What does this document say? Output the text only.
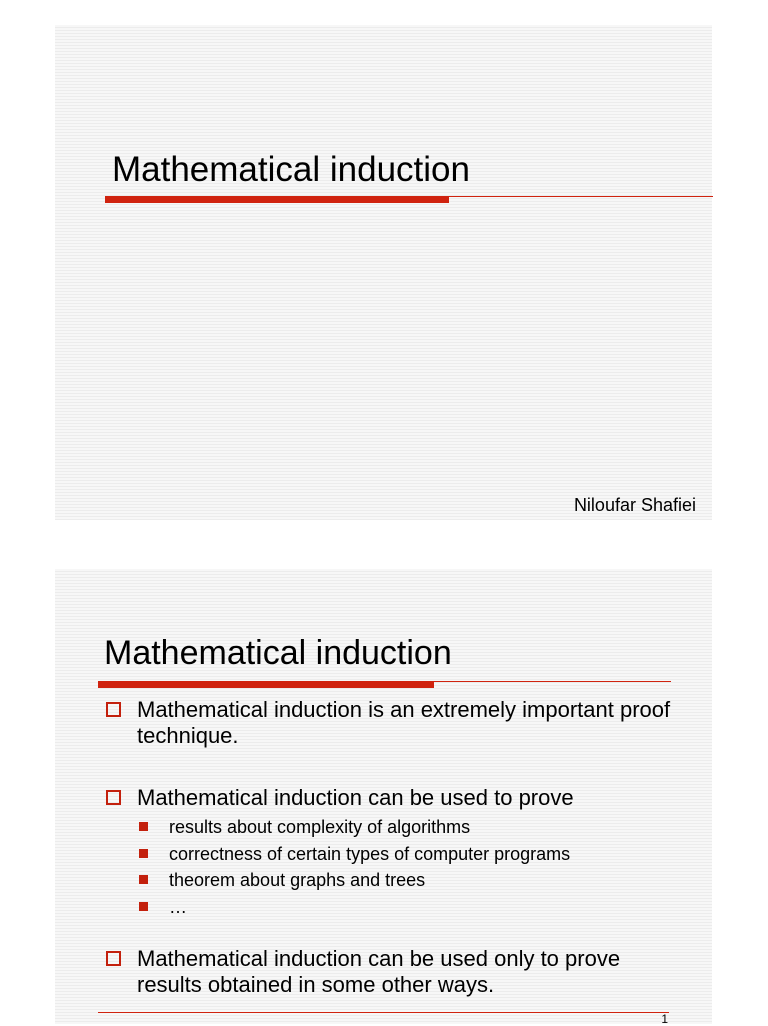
Mathematical induction
Niloufar Shafiei
Mathematical induction
Mathematical induction is an extremely important proof technique.
Mathematical induction can be used to prove
results about complexity of algorithms
correctness of certain types of computer programs
theorem about graphs and trees
…
Mathematical induction can be used only to prove results obtained in some other ways.
1
